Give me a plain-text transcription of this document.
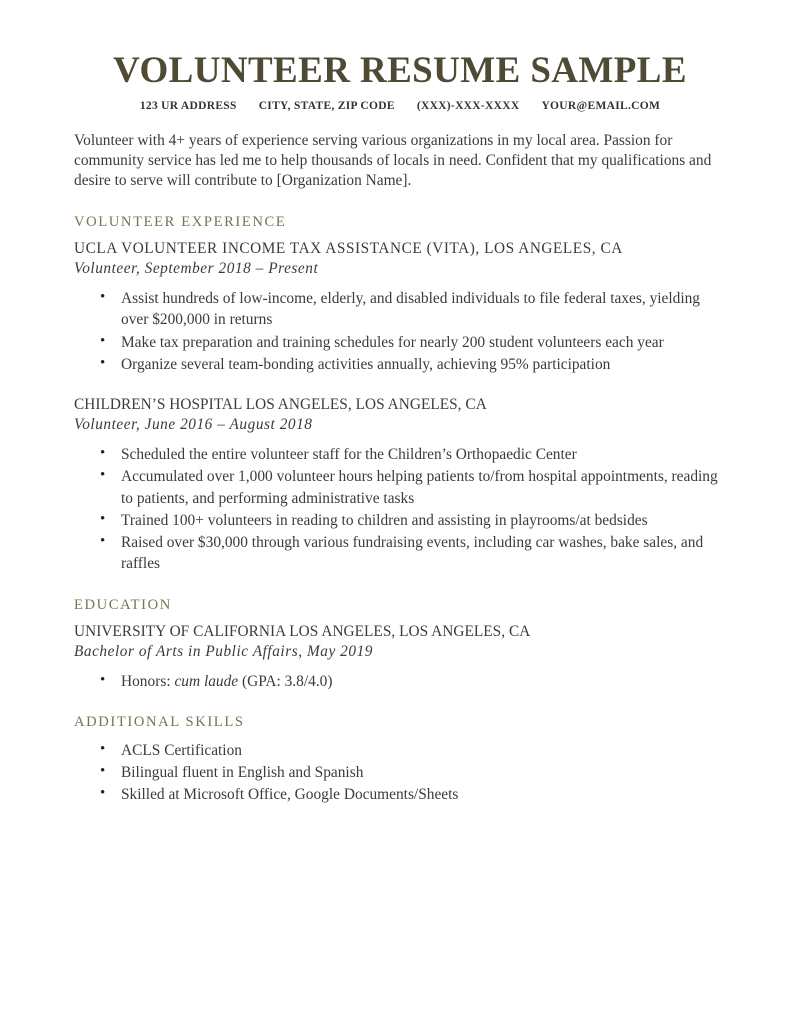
VOLUNTEER RESUME SAMPLE
123 UR ADDRESS CITY, STATE, ZIP CODE (XXX)-XXX-XXXX YOUR@EMAIL.COM

Volunteer with 4+ years of experience serving various organizations in my local area. Passion for community service has led me to help thousands of locals in need. Confident that my qualifications and desire to serve will contribute to [Organization Name].

VOLUNTEER EXPERIENCE
UCLA VOLUNTEER INCOME TAX ASSISTANCE (VITA), LOS ANGELES, CA
Volunteer, September 2018 – Present
• Assist hundreds of low-income, elderly, and disabled individuals to file federal taxes, yielding over $200,000 in returns
• Make tax preparation and training schedules for nearly 200 student volunteers each year
• Organize several team-bonding activities annually, achieving 95% participation
CHILDREN’S HOSPITAL LOS ANGELES, LOS ANGELES, CA
Volunteer, June 2016 – August 2018
• Scheduled the entire volunteer staff for the Children’s Orthopaedic Center
• Accumulated over 1,000 volunteer hours helping patients to/from hospital appointments, reading to patients, and performing administrative tasks
• Trained 100+ volunteers in reading to children and assisting in playrooms/at bedsides
• Raised over $30,000 through various fundraising events, including car washes, bake sales, and raffles
EDUCATION
UNIVERSITY OF CALIFORNIA LOS ANGELES, LOS ANGELES, CA
Bachelor of Arts in Public Affairs, May 2019
• Honors: cum laude (GPA: 3.8/4.0)
ADDITIONAL SKILLS
• ACLS Certification
• Bilingual fluent in English and Spanish
• Skilled at Microsoft Office, Google Documents/Sheets
